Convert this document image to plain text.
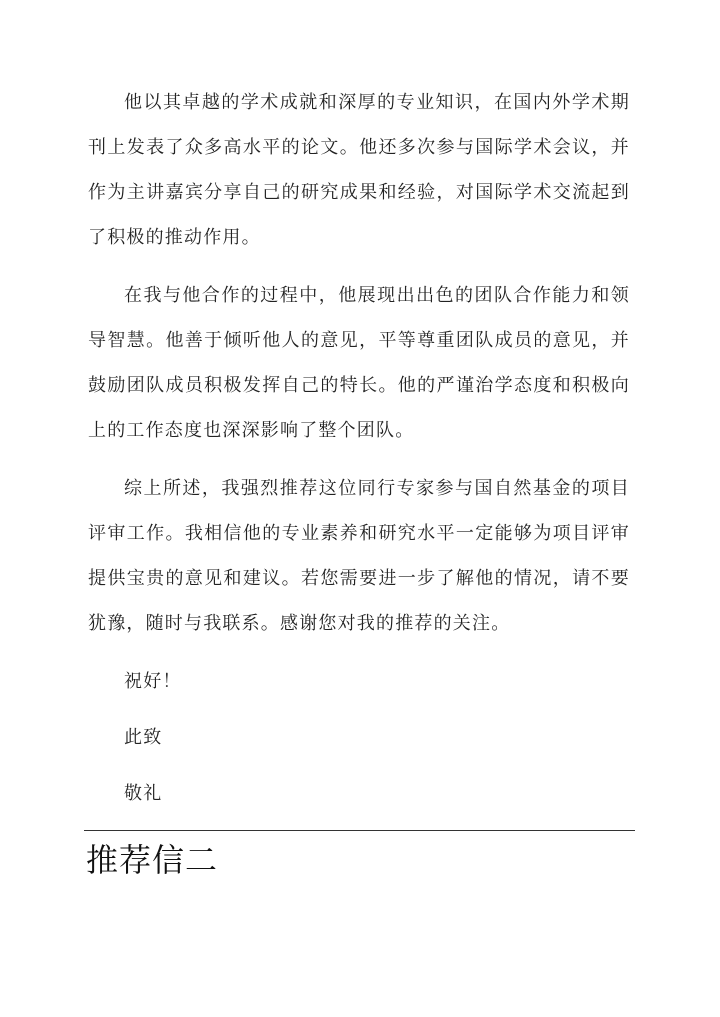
他以其卓越的学术成就和深厚的专业知识，在国内外学术期刊上发表了众多高水平的论文。他还多次参与国际学术会议，并作为主讲嘉宾分享自己的研究成果和经验，对国际学术交流起到了积极的推动作用。

在我与他合作的过程中，他展现出出色的团队合作能力和领导智慧。他善于倾听他人的意见，平等尊重团队成员的意见，并鼓励团队成员积极发挥自己的特长。他的严谨治学态度和积极向上的工作态度也深深影响了整个团队。

综上所述，我强烈推荐这位同行专家参与国自然基金的项目评审工作。我相信他的专业素养和研究水平一定能够为项目评审提供宝贵的意见和建议。若您需要进一步了解他的情况，请不要犹豫，随时与我联系。感谢您对我的推荐的关注。

祝好！

此致

敬礼

推荐信二
